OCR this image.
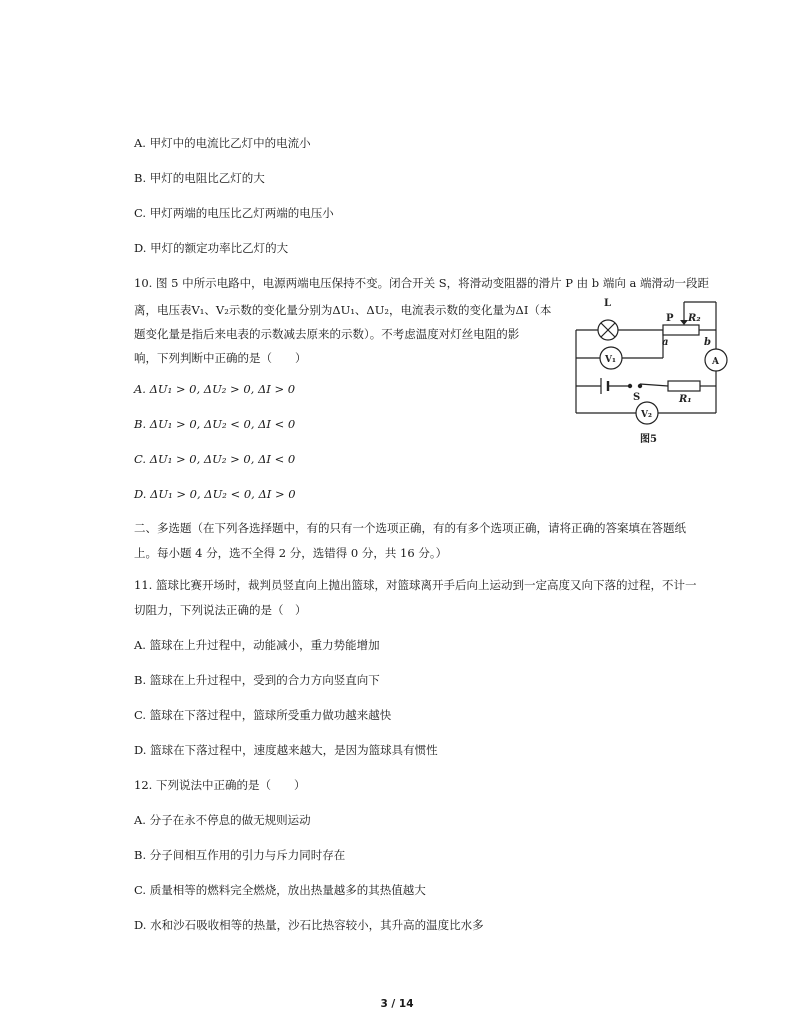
A. 甲灯中的电流比乙灯中的电流小
B. 甲灯的电阻比乙灯的大
C. 甲灯两端的电压比乙灯两端的电压小
D. 甲灯的额定功率比乙灯的大
10. 图 5 中所示电路中，电源两端电压保持不变。闭合开关 S，将滑动变阻器的滑片 P 由 b 端向 a 端滑动一段距
离，电压表V₁、V₂示数的变化量分别为ΔU₁、ΔU₂，电流表示数的变化量为ΔI（本
题变化量是指后来电表的示数减去原来的示数）。不考虑温度对灯丝电阻的影
响，下列判断中正确的是（　　）
A. ΔU₁ > 0, ΔU₂ > 0, ΔI > 0
B. ΔU₁ > 0, ΔU₂ < 0, ΔI < 0
C. ΔU₁ > 0, ΔU₂ > 0, ΔI < 0
D. ΔU₁ > 0, ΔU₂ < 0, ΔI > 0
L
P R₂
a	b
A
V₁
S	R₁
V₂
图5
二、多选题（在下列各选择题中，有的只有一个选项正确，有的有多个选项正确，请将正确的答案填在答题纸
上。每小题 4 分，选不全得 2 分，选错得 0 分，共 16 分。）
11. 篮球比赛开场时，裁判员竖直向上抛出篮球，对篮球离开手后向上运动到一定高度又向下落的过程，不计一
切阻力，下列说法正确的是（　）
A. 篮球在上升过程中，动能减小，重力势能增加
B. 篮球在上升过程中，受到的合力方向竖直向下
C. 篮球在下落过程中，篮球所受重力做功越来越快
D. 篮球在下落过程中，速度越来越大，是因为篮球具有惯性
12. 下列说法中正确的是（　　）
A. 分子在永不停息的做无规则运动
B. 分子间相互作用的引力与斥力同时存在
C. 质量相等的燃料完全燃烧，放出热量越多的其热值越大
D. 水和沙石吸收相等的热量，沙石比热容较小，其升高的温度比水多
3 / 14
